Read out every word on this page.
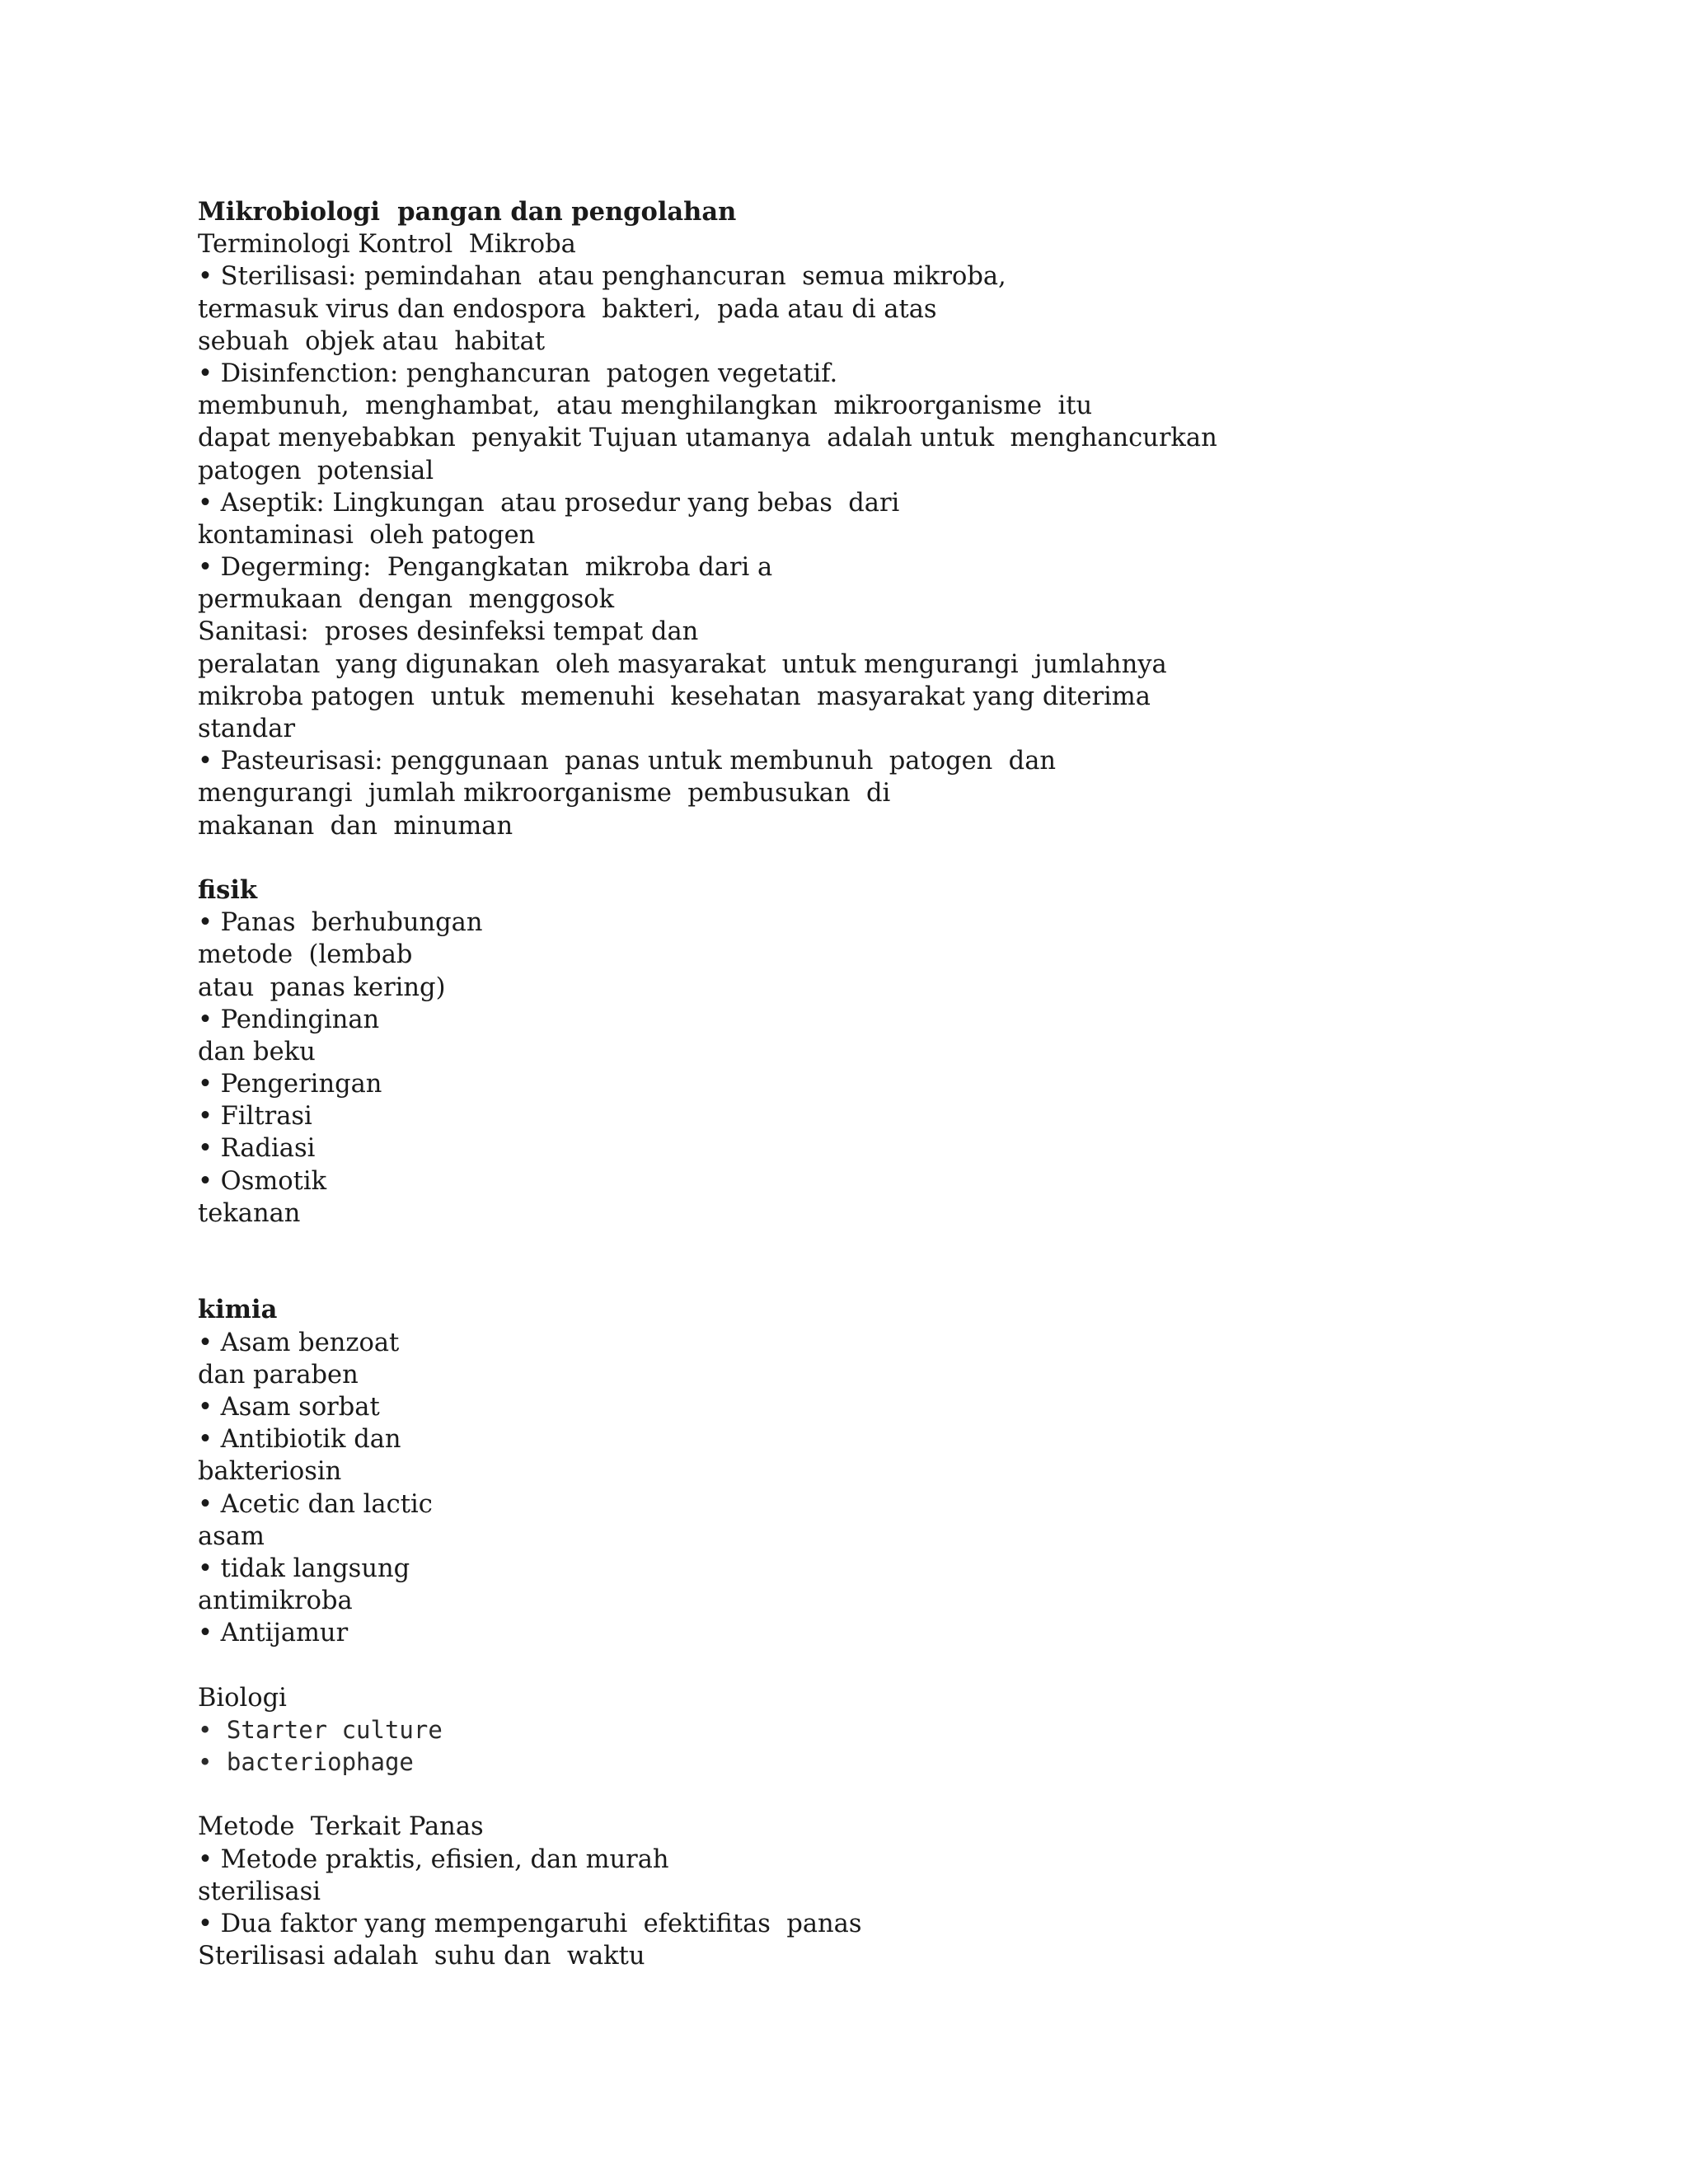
Mikrobiologi  pangan dan pengolahan
Terminologi Kontrol  Mikroba
• Sterilisasi: pemindahan  atau penghancuran  semua mikroba,
termasuk virus dan endospora  bakteri,  pada atau di atas
sebuah  objek atau  habitat
• Disinfenction: penghancuran  patogen vegetatif.
membunuh,  menghambat,  atau menghilangkan  mikroorganisme  itu
dapat menyebabkan  penyakit Tujuan utamanya  adalah untuk  menghancurkan
patogen  potensial
• Aseptik: Lingkungan  atau prosedur yang bebas  dari
kontaminasi  oleh patogen
• Degerming:  Pengangkatan  mikroba dari a
permukaan  dengan  menggosok
Sanitasi:  proses desinfeksi tempat dan
peralatan  yang digunakan  oleh masyarakat  untuk mengurangi  jumlahnya
mikroba patogen  untuk  memenuhi  kesehatan  masyarakat yang diterima
standar
• Pasteurisasi: penggunaan  panas untuk membunuh  patogen  dan
mengurangi  jumlah mikroorganisme  pembusukan  di
makanan  dan  minuman
fisik
• Panas  berhubungan
metode  (lembab
atau  panas kering)
• Pendinginan
dan beku
• Pengeringan
• Filtrasi
• Radiasi
• Osmotik
tekanan
kimia
• Asam benzoat
dan paraben
• Asam sorbat
• Antibiotik dan
bakteriosin
• Acetic dan lactic
asam
• tidak langsung
antimikroba
• Antijamur
Biologi
• Starter culture
• bacteriophage
Metode  Terkait Panas
• Metode praktis, efisien, dan murah
sterilisasi
• Dua faktor yang mempengaruhi  efektifitas  panas
Sterilisasi adalah  suhu dan  waktu
